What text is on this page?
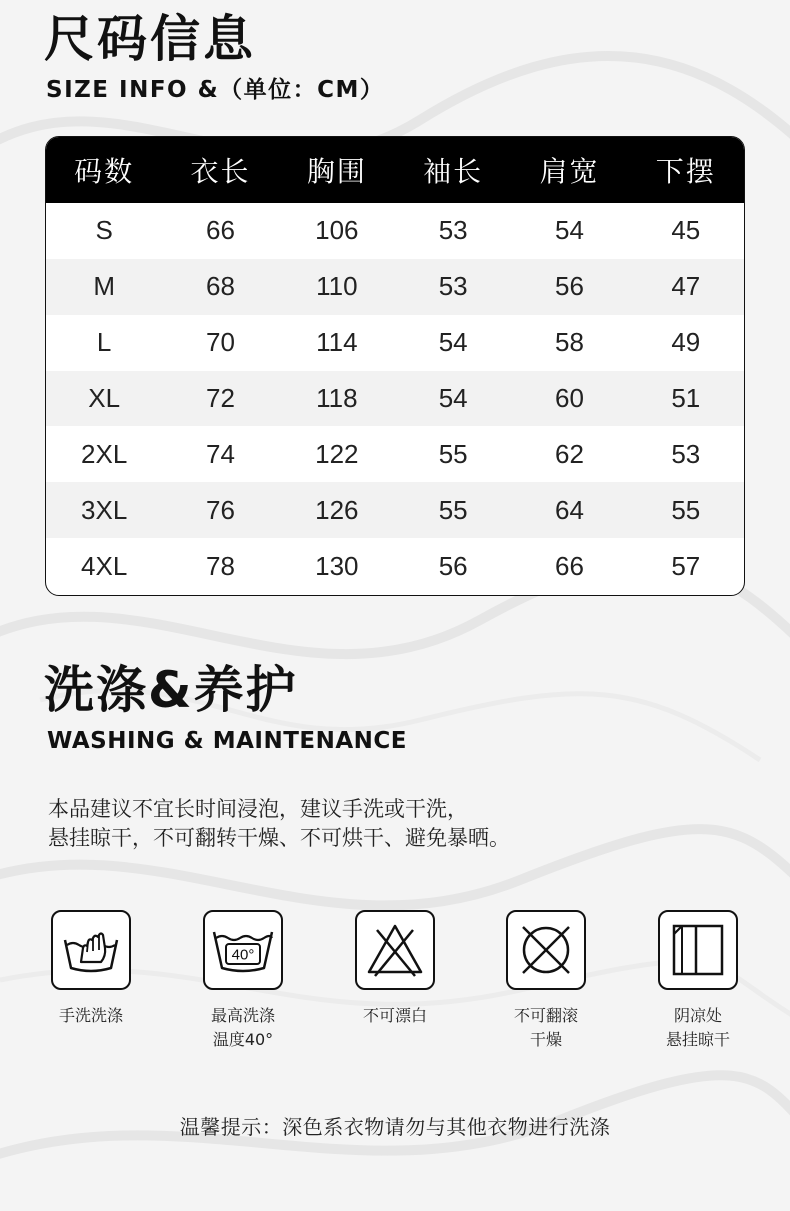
尺码信息
SIZE INFO &（单位：CM）
码数	衣长	胸围	袖长	肩宽	下摆
S	66	106	53	54	45
M	68	110	53	56	47
L	70	114	54	58	49
XL	72	118	54	60	51
2XL	74	122	55	62	53
3XL	76	126	55	64	55
4XL	78	130	56	66	57
洗涤&养护
WASHING & MAINTENANCE

本品建议不宜长时间浸泡，建议手洗或干洗，

悬挂晾干，不可翻转干燥、不可烘干、避免暴晒。

手洗洗涤
40°
最高洗涤
温度40°
不可漂白	不可翻滚
干燥
阴凉处
悬挂晾干
温馨提示：深色系衣物请勿与其他衣物进行洗涤
